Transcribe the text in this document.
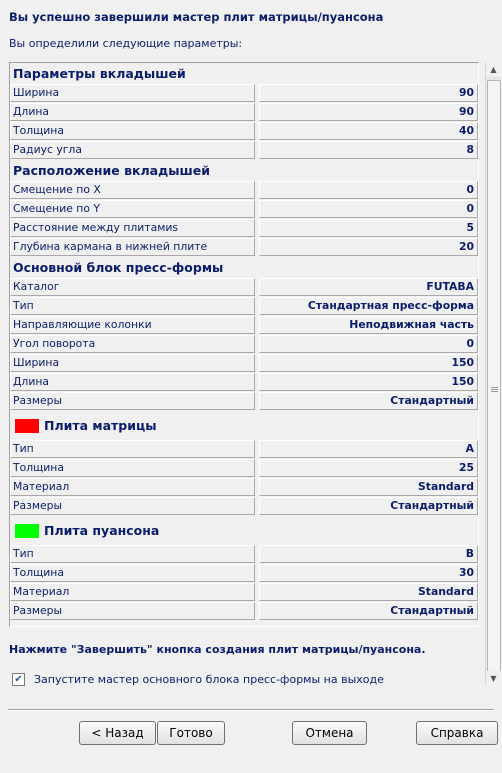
Вы успешно завершили мастер плит матрицы/пуансона
Вы определили следующие параметры:
Параметры вкладышей
Ширина	90
Длина	90
Толщина	40
Радиус угла	8
Расположение вкладышей
Смещение по X	0
Смещение по Y	0
Расстояние между плитамиs	5
Глубина кармана в нижней плите	20
Основной блок пресс-формы
Каталог	FUTABA
Тип	Стандартная пресс-форма
Направляющие колонки	Неподвижная часть
Угол поворота	0
Ширина	150
Длина	150
Размеры	Стандартный
Плита матрицы
Тип	A
Толщина	25
Материал	Standard
Размеры	Стандартный
Плита пуансона
Тип	B
Толщина	30
Материал	Standard
Размеры	Стандартный
▲
▼
Нажмите "Завершить" кнопка создания плит матрицы/пуансона.
✔ Запустите мастер основного блока пресс-формы на выходе
< Назад	Готово	Отмена	Справка
